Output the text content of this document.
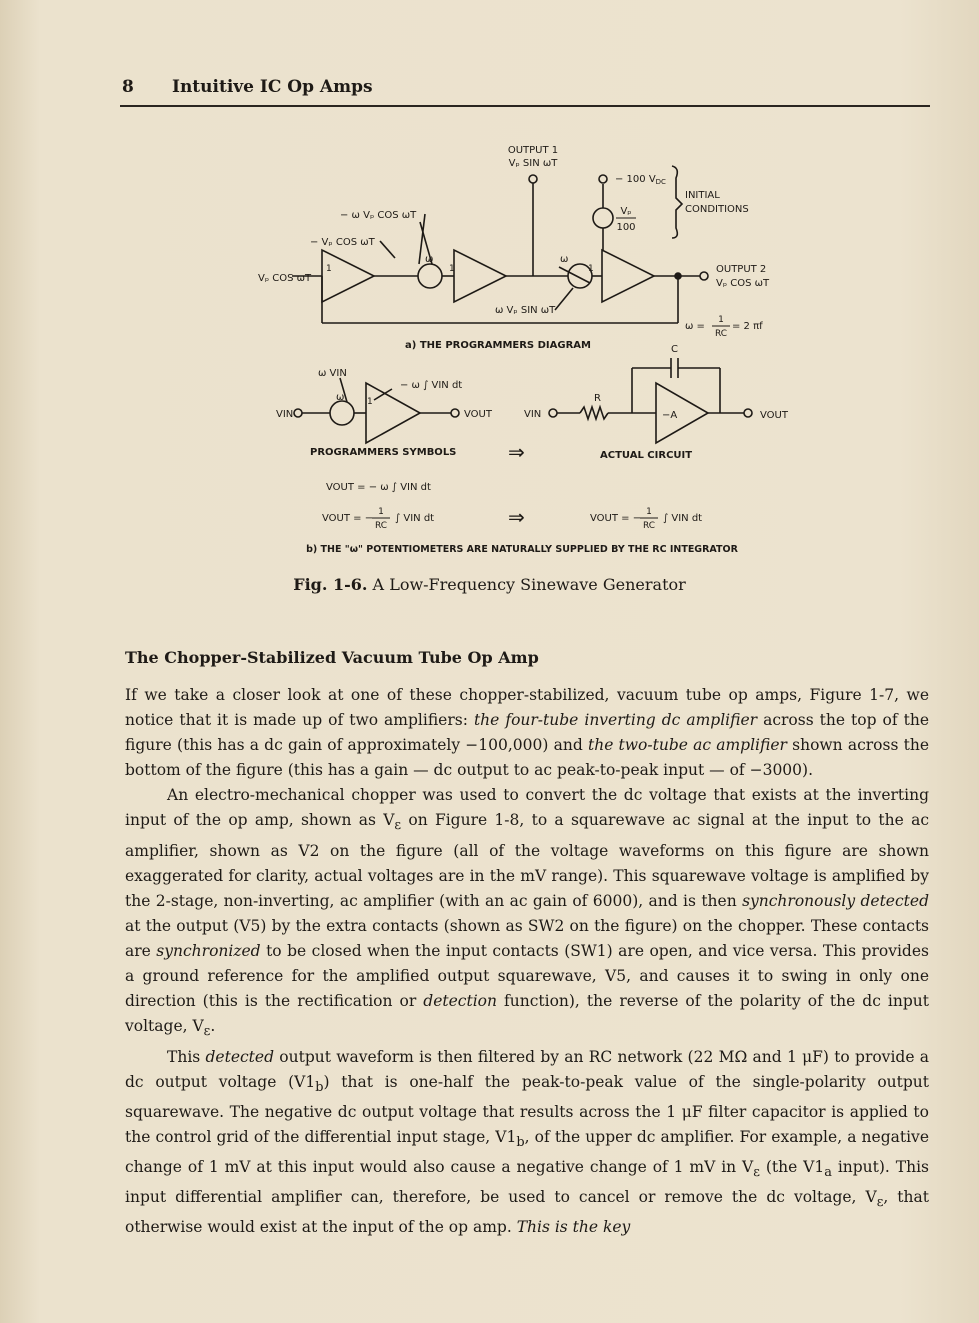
8 Intuitive IC Op Amps
OUTPUT 1
Vₚ SIN ωT
− 100 $V_{DC}$
Vₚ
100
INITIAL
CONDITIONS
− ω Vₚ COS ωT
− Vₚ COS ωT
Vₚ COS ωT
1
ω
1
ω
1	OUTPUT 2
Vₚ COS ωT
ω Vₚ SIN ωT
ω =
1
RC
= 2 πf
a) THE PROGRAMMERS DIAGRAM
ω VIN
− ω ∫ VIN dt
VIN	VOUT
ω	1
VIN
R
C
−A	VOUT
PROGRAMMERS SYMBOLS	⇒	ACTUAL CIRCUIT
VOUT = − ω ∫ VIN dt
VOUT = −
1
RC
∫ VIN dt	⇒	VOUT = −
1
RC
∫ VIN dt
b) THE "ω" POTENTIOMETERS ARE NATURALLY SUPPLIED BY THE RC INTEGRATOR
Fig. 1-6. A Low-Frequency Sinewave Generator
The Chopper-Stabilized Vacuum Tube Op Amp

If we take a closer look at one of these chopper-stabilized, vacuum tube op amps, Figure 1-7, we notice that it is made up of two amplifiers: the four-tube inverting dc amplifier across the top of the figure (this has a dc gain of approximately −100,000) and the two-tube ac amplifier shown across the bottom of the figure (this has a gain — dc output to ac peak-to-peak input — of −3000).

An electro-mechanical chopper was used to convert the dc voltage that exists at the inverting input of the op amp, shown as $V_\varepsilon$ on Figure 1-8, to a squarewave ac signal at the input to the ac amplifier, shown as V2 on the figure (all of the voltage waveforms on this figure are shown exaggerated for clarity, actual voltages are in the mV range). This squarewave voltage is amplified by the 2-stage, non-inverting, ac amplifier (with an ac gain of 6000), and is then synchronously detected at the output (V5) by the extra contacts (shown as SW2 on the figure) on the chopper. These contacts are synchronized to be closed when the input contacts (SW1) are open, and vice versa. This provides a ground reference for the amplified output squarewave, V5, and causes it to swing in only one direction (this is the rectification or detection function), the reverse of the polarity of the dc input voltage, $V_\varepsilon$.

This detected output waveform is then filtered by an RC network (22 MΩ and 1 μF) to provide a dc output voltage $(V1_b)$ that is one-half the peak-to-peak value of the single-polarity output squarewave. The negative dc output voltage that results across the 1 μF filter capacitor is applied to the control grid of the differential input stage, $V1_b$, of the upper dc amplifier. For example, a negative change of 1 mV at this input would also cause a negative change of 1 mV in $V_\varepsilon$ (the $V1_a$ input). This input differential amplifier can, therefore, be used to cancel or remove the dc voltage, $V_\varepsilon$, that otherwise would exist at the input of the op amp. This is the key
